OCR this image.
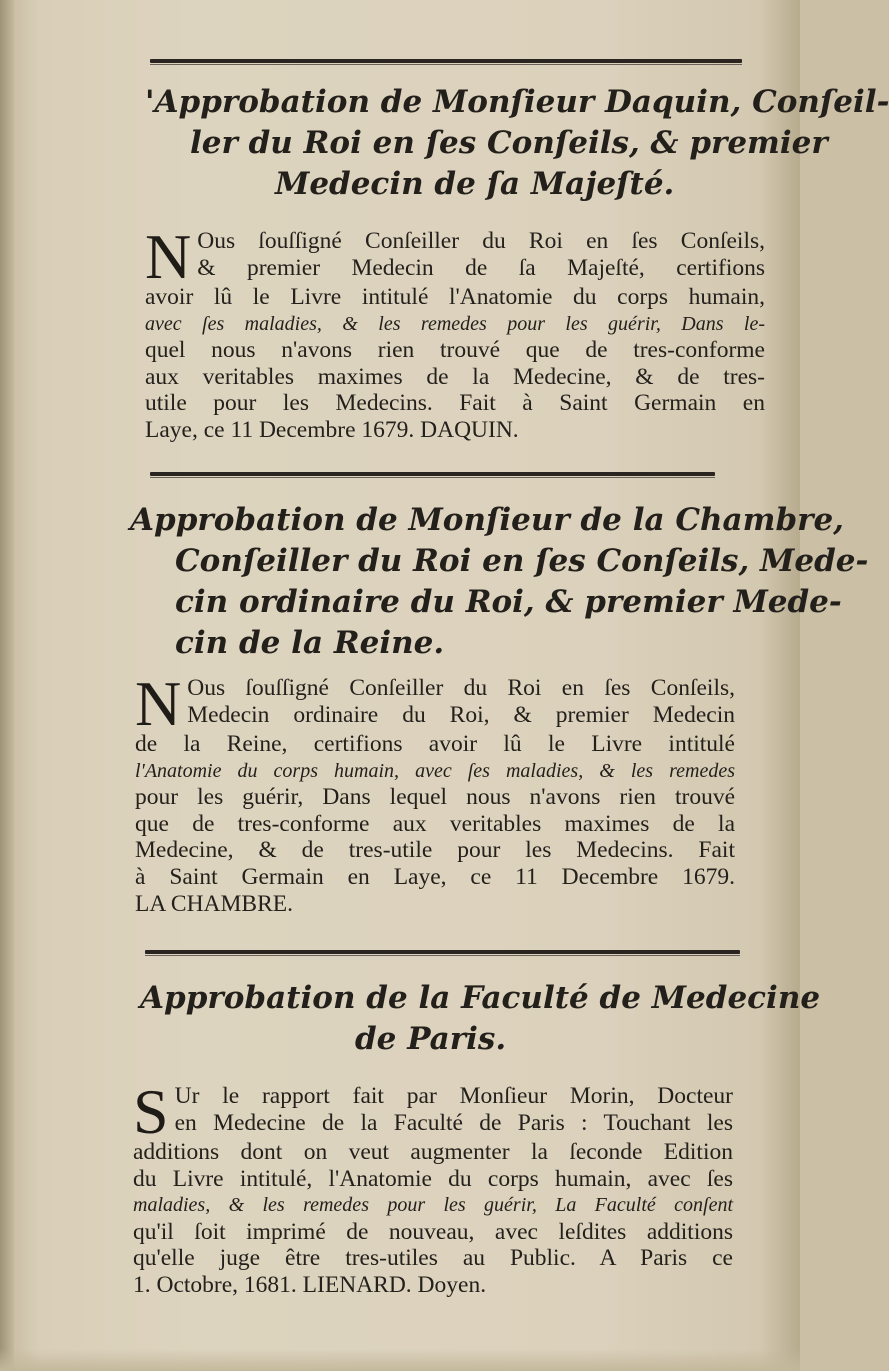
'Approbation de Monſieur Daquin, Conſeil-
ler du Roi en ſes Conſeils, & premier
Medecin de ſa Majeſté.
N Ous ſouſſigné Conſeiller du Roi en ſes Conſeils,
& premier Medecin de ſa Majeſté, certifions
avoir lû le Livre intitulé l'Anatomie du corps humain,
avec ſes maladies, & les remedes pour les guérir, Dans le-
quel nous n'avons rien trouvé que de tres-conforme
aux veritables maximes de la Medecine, & de tres-
utile pour les Medecins. Fait à Saint Germain en
Laye, ce 11 Decembre 1679. DAQUIN.
Approbation de Monſieur de la Chambre,
Conſeiller du Roi en ſes Conſeils, Mede-
cin ordinaire du Roi, & premier Mede-
cin de la Reine.
N Ous ſouſſigné Conſeiller du Roi en ſes Conſeils,
Medecin ordinaire du Roi, & premier Medecin
de la Reine, certifions avoir lû le Livre intitulé
l'Anatomie du corps humain, avec ſes maladies, & les remedes
pour les guérir, Dans lequel nous n'avons rien trouvé
que de tres-conforme aux veritables maximes de la
Medecine, & de tres-utile pour les Medecins. Fait
à Saint Germain en Laye, ce 11 Decembre 1679.
LA CHAMBRE.
Approbation de la Faculté de Medecine
de Paris.
S Ur le rapport fait par Monſieur Morin, Docteur
en Medecine de la Faculté de Paris : Touchant les
additions dont on veut augmenter la ſeconde Edition
du Livre intitulé, l'Anatomie du corps humain, avec ſes
maladies, & les remedes pour les guérir, La Faculté conſent
qu'il ſoit imprimé de nouveau, avec leſdites additions
qu'elle juge être tres-utiles au Public. A Paris ce
1. Octobre, 1681. LIENARD. Doyen.
